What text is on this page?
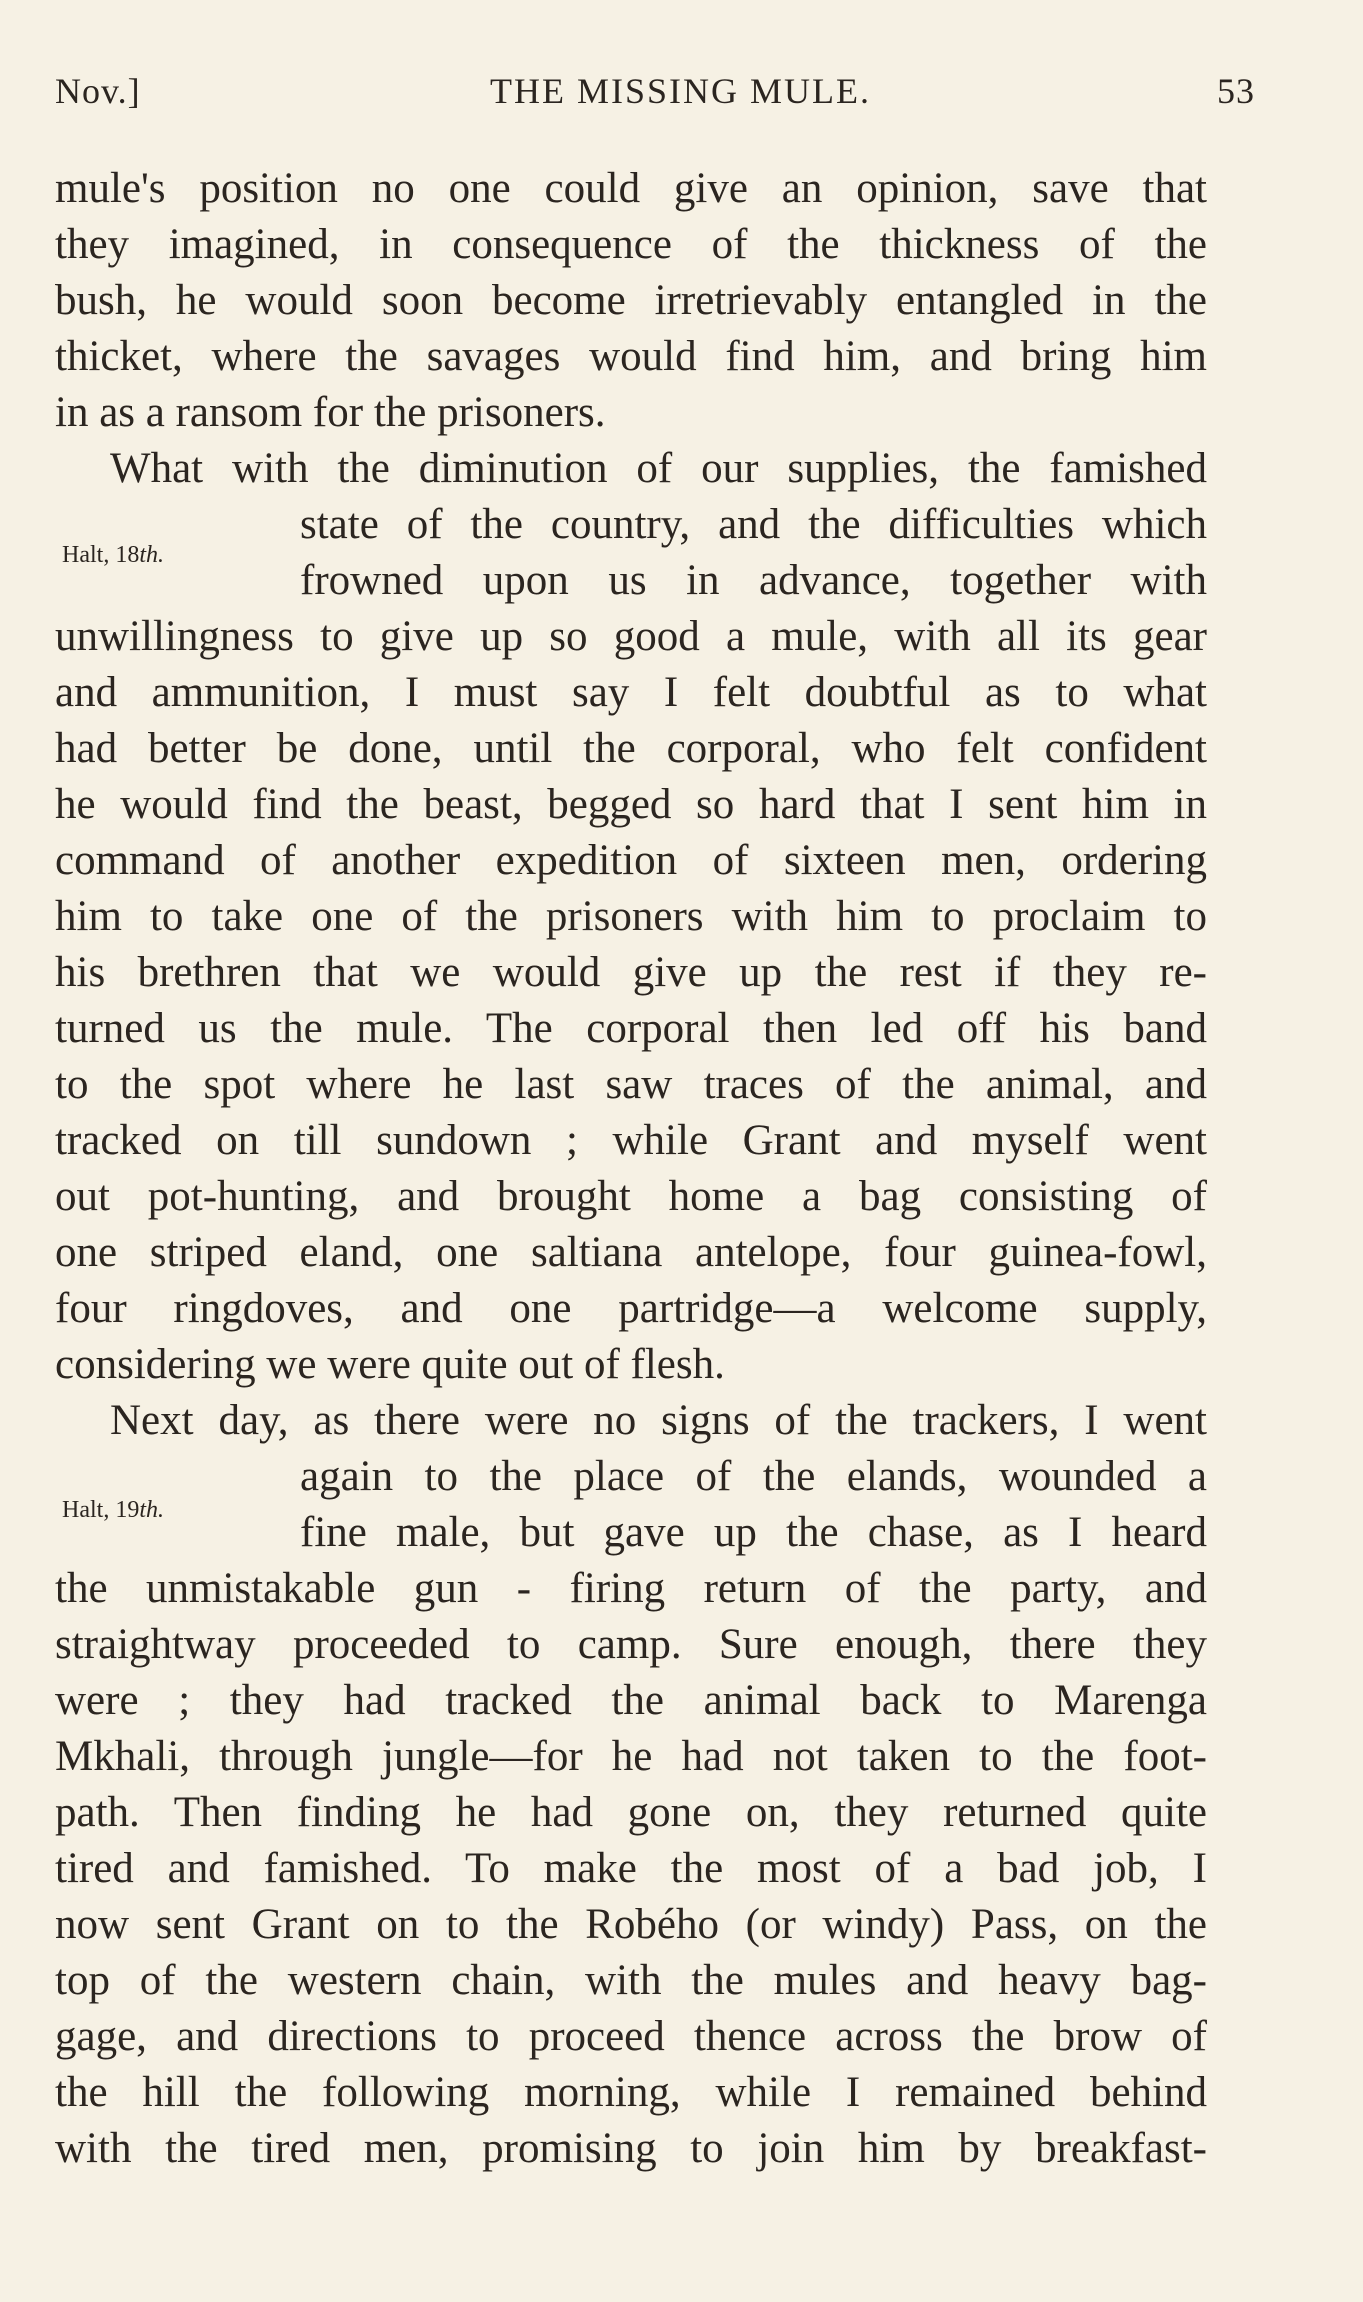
Nov.]	THE MISSING MULE.	53
Halt, 18th.
Halt, 19th.
mule's position no one could give an opinion, save that
they imagined, in consequence of the thickness of the
bush, he would soon become irretrievably entangled in the
thicket, where the savages would find him, and bring him
in as a ransom for the prisoners.
What with the diminution of our supplies, the famished
state of the country, and the difficulties which
frowned upon us in advance, together with
unwillingness to give up so good a mule, with all its gear
and ammunition, I must say I felt doubtful as to what
had better be done, until the corporal, who felt confident
he would find the beast, begged so hard that I sent him in
command of another expedition of sixteen men, ordering
him to take one of the prisoners with him to proclaim to
his brethren that we would give up the rest if they re-
turned us the mule. The corporal then led off his band
to the spot where he last saw traces of the animal, and
tracked on till sundown ; while Grant and myself went
out pot-hunting, and brought home a bag consisting of
one striped eland, one saltiana antelope, four guinea-fowl,
four ringdoves, and one partridge—a welcome supply,
considering we were quite out of flesh.
Next day, as there were no signs of the trackers, I went
again to the place of the elands, wounded a
fine male, but gave up the chase, as I heard
the unmistakable gun - firing return of the party, and
straightway proceeded to camp. Sure enough, there they
were ; they had tracked the animal back to Marenga
Mkhali, through jungle—for he had not taken to the foot-
path. Then finding he had gone on, they returned quite
tired and famished. To make the most of a bad job, I
now sent Grant on to the Robého (or windy) Pass, on the
top of the western chain, with the mules and heavy bag-
gage, and directions to proceed thence across the brow of
the hill the following morning, while I remained behind
with the tired men, promising to join him by breakfast-
